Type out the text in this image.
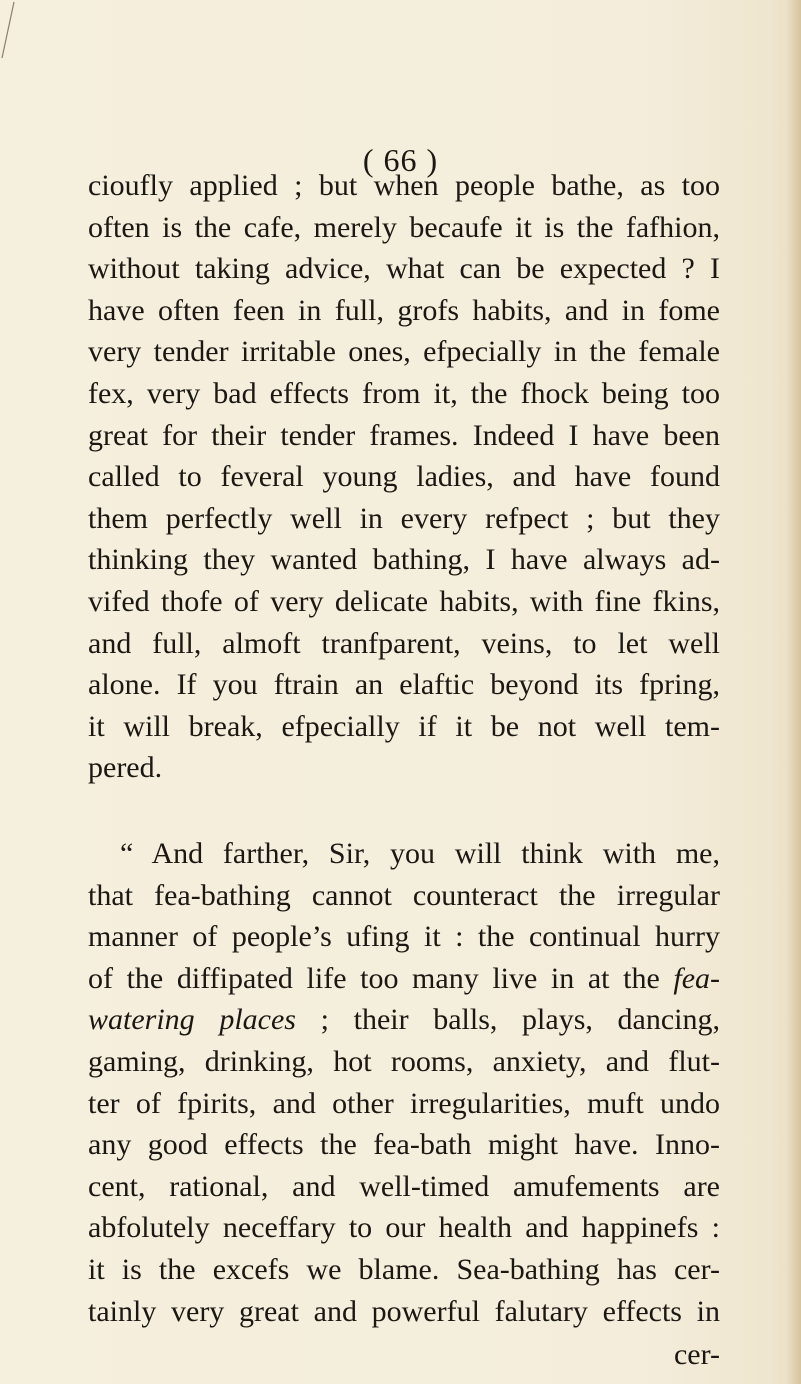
( 66 )
cioufly applied ; but when people bathe, as too
often is the cafe, merely becaufe it is the fafhion,
without taking advice, what can be expected ? I
have often feen in full, grofs habits, and in fome
very tender irritable ones, efpecially in the female
fex, very bad effects from it, the fhock being too
great for their tender frames. Indeed I have been
called to feveral young ladies, and have found
them perfectly well in every refpect ; but they
thinking they wanted bathing, I have always ad-
vifed thofe of very delicate habits, with fine fkins,
and full, almoft tranfparent, veins, to let well
alone. If you ftrain an elaftic beyond its fpring,
it will break, efpecially if it be not well tem-
pered.
“ And farther, Sir, you will think with me,
that fea-bathing cannot counteract the irregular
manner of people’s ufing it : the continual hurry
of the diffipated life too many live in at the fea-
watering places ; their balls, plays, dancing,
gaming, drinking, hot rooms, anxiety, and flut-
ter of fpirits, and other irregularities, muft undo
any good effects the fea-bath might have. Inno-
cent, rational, and well-timed amufements are
abfolutely neceffary to our health and happinefs :
it is the excefs we blame. Sea-bathing has cer-
tainly very great and powerful falutary effects in
cer-
